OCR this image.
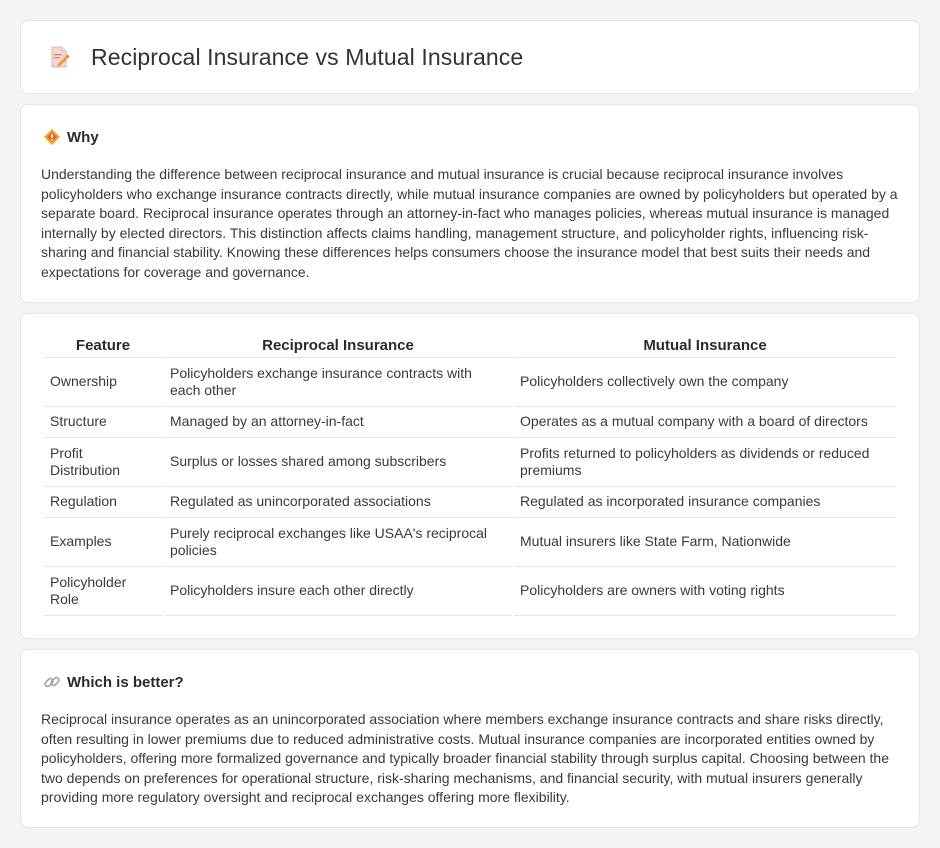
Reciprocal Insurance vs Mutual Insurance
Why

Understanding the difference between reciprocal insurance and mutual insurance is crucial because reciprocal insurance involves policyholders who exchange insurance contracts directly, while mutual insurance companies are owned by policyholders but operated by a separate board. Reciprocal insurance operates through an attorney-in-fact who manages policies, whereas mutual insurance is managed internally by elected directors. This distinction affects claims handling, management structure, and policyholder rights, influencing risk-sharing and financial stability. Knowing these differences helps consumers choose the insurance model that best suits their needs and expectations for coverage and governance.

Feature	Reciprocal Insurance	Mutual Insurance
Ownership	Policyholders exchange insurance contracts with each other	Policyholders collectively own the company
Structure	Managed by an attorney-in-fact	Operates as a mutual company with a board of directors
Profit Distribution	Surplus or losses shared among subscribers	Profits returned to policyholders as dividends or reduced premiums
Regulation	Regulated as unincorporated associations	Regulated as incorporated insurance companies
Examples	Purely reciprocal exchanges like USAA's reciprocal policies	Mutual insurers like State Farm, Nationwide
Policyholder Role	Policyholders insure each other directly	Policyholders are owners with voting rights
Which is better?

Reciprocal insurance operates as an unincorporated association where members exchange insurance contracts and share risks directly, often resulting in lower premiums due to reduced administrative costs. Mutual insurance companies are incorporated entities owned by policyholders, offering more formalized governance and typically broader financial stability through surplus capital. Choosing between the two depends on preferences for operational structure, risk-sharing mechanisms, and financial security, with mutual insurers generally providing more regulatory oversight and reciprocal exchanges offering more flexibility.
